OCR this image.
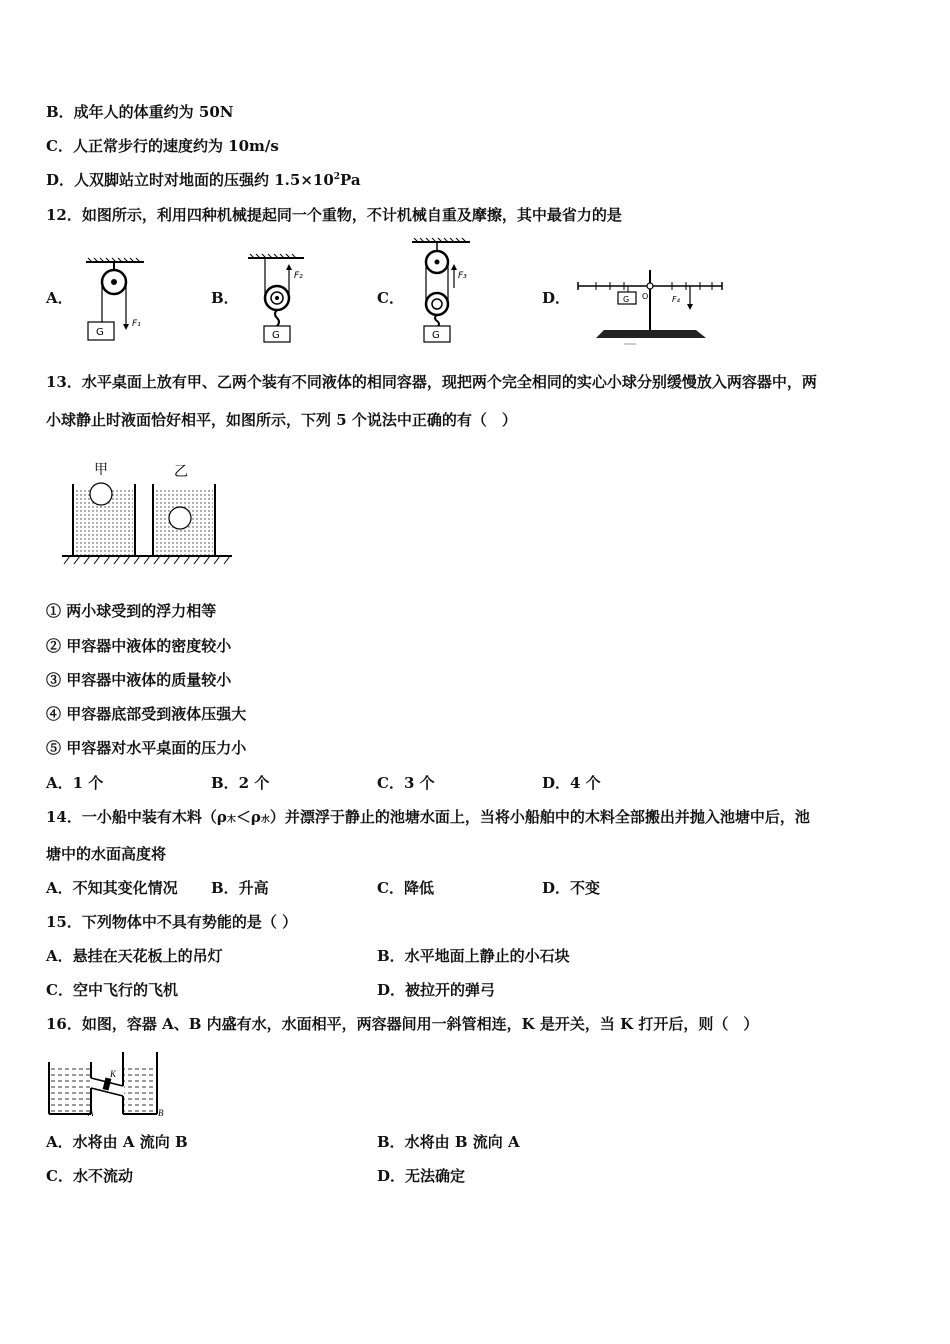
B．成年人的体重约为 50N
C．人正常步行的速度约为 10m/s
D．人双脚站立时对地面的压强约 $1.5\times 10^2Pa$
12．如图所示，利用四种机械提起同一个重物，不计机械自重及摩擦，其中最省力的是
A．	B．	C．	D．
G
F₁
G
F₂
G
F₃
O
G	F₄
13．水平桌面上放有甲、乙两个装有不同液体的相同容器，现把两个完全相同的实心小球分别缓慢放入两容器中，两
小球静止时液面恰好相平，如图所示，下列 5 个说法中正确的有（　）
甲	乙
① 两小球受到的浮力相等
② 甲容器中液体的密度较小
③ 甲容器中液体的质量较小
④ 甲容器底部受到液体压强大
⑤ 甲容器对水平桌面的压力小
A．1 个	B．2 个	C．3 个	D．4 个
14．一小船中装有木料（ρ木＜ρ水）并漂浮于静止的池塘水面上，当将小船舶中的木料全部搬出并抛入池塘中后，池
塘中的水面高度将
A．不知其变化情况 B．升高	C．降低	D．不变
15．下列物体中不具有势能的是（ ）
A．悬挂在天花板上的吊灯	B．水平地面上静止的小石块
C．空中飞行的飞机	D．被拉开的弹弓
16．如图，容器 A、B 内盛有水，水面相平，两容器间用一斜管相连，K 是开关，当 K 打开后，则（　）
K
A	B
A．水将由 A 流向 B	B．水将由 B 流向 A
C．水不流动	D．无法确定
